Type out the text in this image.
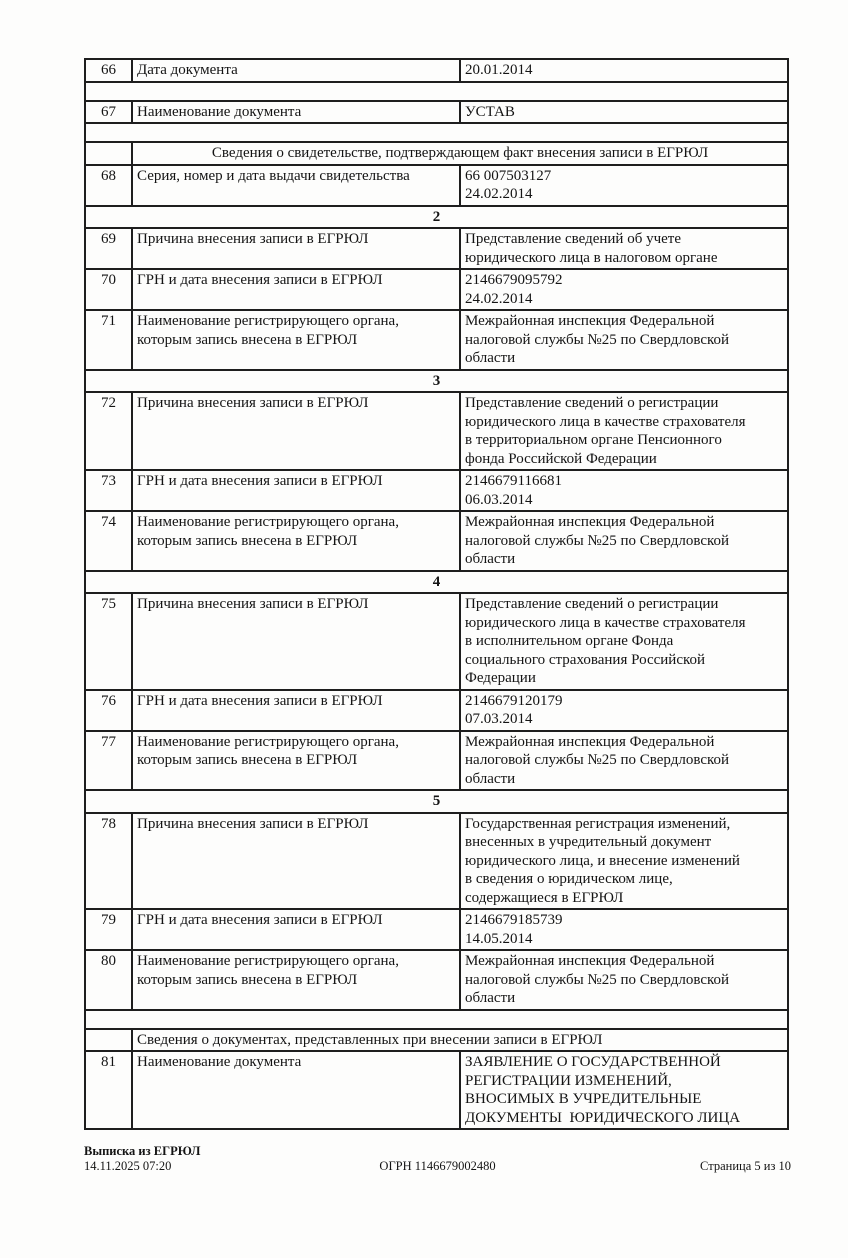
66	Дата документа	20.01.2014

67	Наименование документа	УСТАВ

	Сведения о свидетельстве, подтверждающем факт внесения записи в ЕГРЮЛ	
68	Серия, номер и дата выдачи свидетельства	66 007503127
24.02.2014

2		
69	Причина внесения записи в ЕГРЮЛ	Представление сведений об учете
юридического лица в налоговом органе

70	ГРН и дата внесения записи в ЕГРЮЛ	2146679095792
24.02.2014

71	Наименование регистрирующего органа, которым запись внесена в ЕГРЮЛ	Межрайонная инспекция Федеральной
налоговой службы №25 по Свердловской
области

3		
72	Причина внесения записи в ЕГРЮЛ	Представление сведений о регистрации
юридического лица в качестве страхователя
в территориальном органе Пенсионного
фонда Российской Федерации

73	ГРН и дата внесения записи в ЕГРЮЛ	2146679116681
06.03.2014

74	Наименование регистрирующего органа, которым запись внесена в ЕГРЮЛ	Межрайонная инспекция Федеральной
налоговой службы №25 по Свердловской
области

4		
75	Причина внесения записи в ЕГРЮЛ	Представление сведений о регистрации
юридического лица в качестве страхователя
в исполнительном органе Фонда
социального страхования Российской
Федерации

76	ГРН и дата внесения записи в ЕГРЮЛ	2146679120179
07.03.2014

77	Наименование регистрирующего органа, которым запись внесена в ЕГРЮЛ	Межрайонная инспекция Федеральной
налоговой службы №25 по Свердловской
области

5		
78	Причина внесения записи в ЕГРЮЛ	Государственная регистрация изменений,
внесенных в учредительный документ
юридического лица, и внесение изменений
в сведения о юридическом лице,
содержащиеся в ЕГРЮЛ

79	ГРН и дата внесения записи в ЕГРЮЛ	2146679185739
14.05.2014

80	Наименование регистрирующего органа, которым запись внесена в ЕГРЮЛ	Межрайонная инспекция Федеральной
налоговой службы №25 по Свердловской
области

	Сведения о документах, представленных при внесении записи в ЕГРЮЛ	
81	Наименование документа	ЗАЯВЛЕНИЕ О ГОСУДАРСТВЕННОЙ
РЕГИСТРАЦИИ ИЗМЕНЕНИЙ,
ВНОСИМЫХ В УЧРЕДИТЕЛЬНЫЕ
ДОКУМЕНТЫ  ЮРИДИЧЕСКОГО ЛИЦА
Выписка из ЕГРЮЛ
14.11.2025 07:20	ОГРН 1146679002480	Страница 5 из 10
